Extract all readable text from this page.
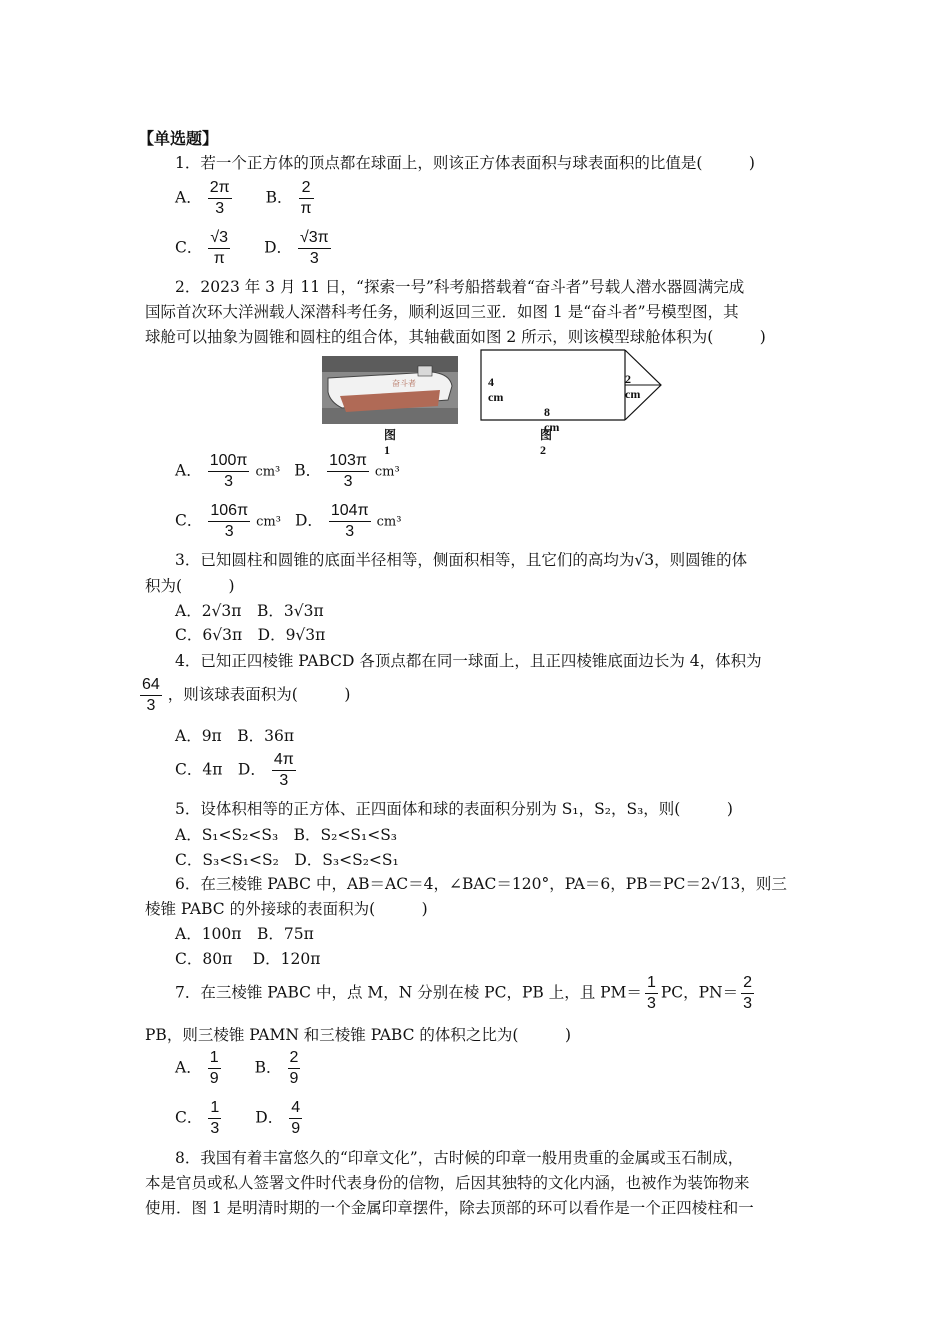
【单选题】
1．若一个正方体的顶点都在球面上，则该正方体表面积与球表面积的比值是(　　　)
A． $\frac{2\pi}{3}$ B． $\frac{2}{\pi}$
C． $\frac{√3}{\pi}$ D． $\frac{√3\pi}{3}$
2．2023 年 3 月 11 日，“探索一号”科考船搭载着“奋斗者”号载人潜水器圆满完成
国际首次环大洋洲载人深潜科考任务，顺利返回三亚．如图 1 是“奋斗者”号模型图，其
球舱可以抽象为圆锥和圆柱的组合体，其轴截面如图 2 所示，则该模型球舱体积为(　　　)
奋斗者
图1
4 cm
8 cm
2 cm
图2
A． $\frac{100\pi}{3} cm^3$ B． $\frac{103\pi}{3} cm^3$
C． $\frac{106\pi}{3} cm^3$ D． $\frac{104\pi}{3} cm^3$
3．已知圆柱和圆锥的底面半径相等，侧面积相等，且它们的高均为√3，则圆锥的体
积为(　　　)
A．2√3π　B．3√3π
C．6√3π　D．9√3π
4．已知正四棱锥 PABCD 各顶点都在同一球面上，且正四棱锥底面边长为 4，体积为
$\frac{64}{3}$ ，则该球表面积为(　　　)
A．9π　B．36π
C．4π　D． $\frac{4\pi}{3}$
5．设体积相等的正方体、正四面体和球的表面积分别为 S₁，S₂，S₃，则(　　　)
A．S₁<S₂<S₃　B．S₂<S₁<S₃
C．S₃<S₁<S₂　D．S₃<S₂<S₁
6．在三棱锥 PABC 中，AB＝AC＝4，∠BAC＝120°，PA＝6，PB＝PC＝2√13，则三
棱锥 PABC 的外接球的表面积为(　　　)
A．100π　B．75π
C．80π　 D．120π
7．在三棱锥 PABC 中，点 M，N 分别在棱 PC，PB 上，且 $PM= \frac{1}{3}$ PC，$PN= \frac{2}{3}$
PB，则三棱锥 PAMN 和三棱锥 PABC 的体积之比为(　　　)
A． $\frac{1}{9}$ B． $\frac{2}{9}$
C． $\frac{1}{3}$ D． $\frac{4}{9}$
8．我国有着丰富悠久的“印章文化”，古时候的印章一般用贵重的金属或玉石制成，
本是官员或私人签署文件时代表身份的信物，后因其独特的文化内涵，也被作为装饰物来
使用．图 1 是明清时期的一个金属印章摆件，除去顶部的环可以看作是一个正四棱柱和一
